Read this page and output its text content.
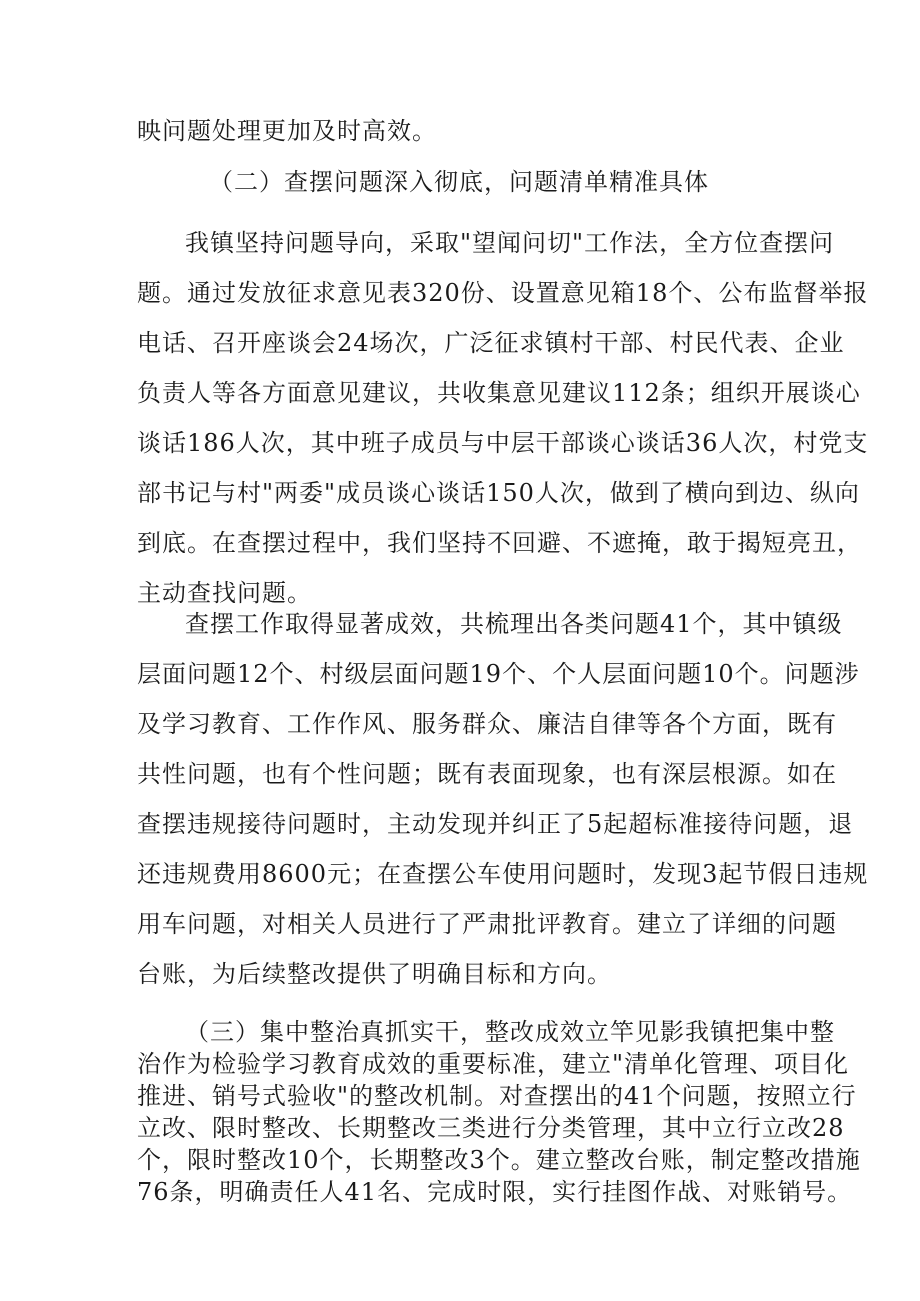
映问题处理更加及时高效。
（二）查摆问题深入彻底，问题清单精准具体
我镇坚持问题导向，采取"望闻问切"工作法，全方位查摆问
题。通过发放征求意见表320份、设置意见箱18个、公布监督举报
电话、召开座谈会24场次，广泛征求镇村干部、村民代表、企业
负责人等各方面意见建议，共收集意见建议112条；组织开展谈心
谈话186人次，其中班子成员与中层干部谈心谈话36人次，村党支
部书记与村"两委"成员谈心谈话150人次，做到了横向到边、纵向
到底。在查摆过程中，我们坚持不回避、不遮掩，敢于揭短亮丑，
主动查找问题。
查摆工作取得显著成效，共梳理出各类问题41个，其中镇级
层面问题12个、村级层面问题19个、个人层面问题10个。问题涉
及学习教育、工作作风、服务群众、廉洁自律等各个方面，既有
共性问题，也有个性问题；既有表面现象，也有深层根源。如在
查摆违规接待问题时，主动发现并纠正了5起超标准接待问题，退
还违规费用8600元；在查摆公车使用问题时，发现3起节假日违规
用车问题，对相关人员进行了严肃批评教育。建立了详细的问题
台账，为后续整改提供了明确目标和方向。
（三）集中整治真抓实干，整改成效立竿见影我镇把集中整
治作为检验学习教育成效的重要标准，建立"清单化管理、项目化
推进、销号式验收"的整改机制。对查摆出的41个问题，按照立行
立改、限时整改、长期整改三类进行分类管理，其中立行立改28
个，限时整改10个，长期整改3个。建立整改台账，制定整改措施
76条，明确责任人41名、完成时限，实行挂图作战、对账销号。
